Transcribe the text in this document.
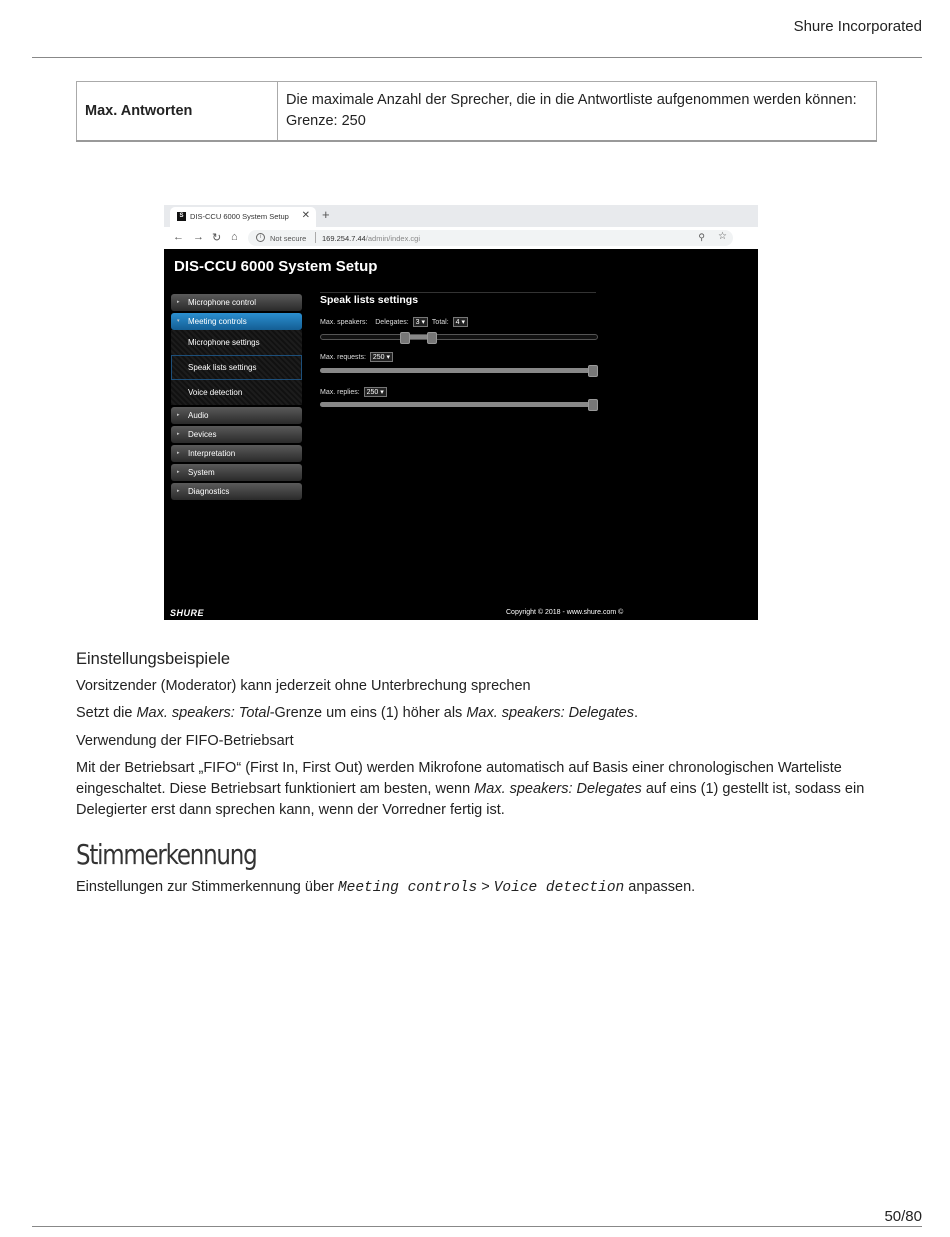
Shure Incorporated
Max. Antworten	Die maximale Anzahl der Sprecher, die in die Antwortliste aufgenommen werden können:
Grenze: 250
S DIS-CCU 6000 System Setup ✕ +
← → ↻ ⌂	i	Not secure 169.254.7.44/admin/index.cgi	⚲ ☆
DIS-CCU 6000 System Setup
▸ Microphone control
▾ Meeting controls
Microphone settings
Speak lists settings
Voice detection
▸ Audio
▸ Devices
▸ Interpretation
▸ System
▸ Diagnostics
Speak lists settings
Max. speakers: Delegates: 3 ▾ Total: 4 ▾
Max. requests: 250 ▾
Max. replies: 250 ▾
SHURE	Copyright © 2018 - www.shure.com ©
Einstellungsbeispiele
Vorsitzender (Moderator) kann jederzeit ohne Unterbrechung sprechen
Setzt die Max. speakers: Total-Grenze um eins (1) höher als Max. speakers: Delegates.
Verwendung der FIFO-Betriebsart
Mit der Betriebsart „FIFO“ (First In, First Out) werden Mikrofone automatisch auf Basis einer chronologischen Warteliste eingeschaltet. Diese Betriebsart funktioniert am besten, wenn Max. speakers: Delegates auf eins (1) gestellt ist, sodass ein Delegierter erst dann sprechen kann, wenn der Vorredner fertig ist.
Stimmerkennung
Einstellungen zur Stimmerkennung über Meeting controls > Voice detection anpassen.
50/80
